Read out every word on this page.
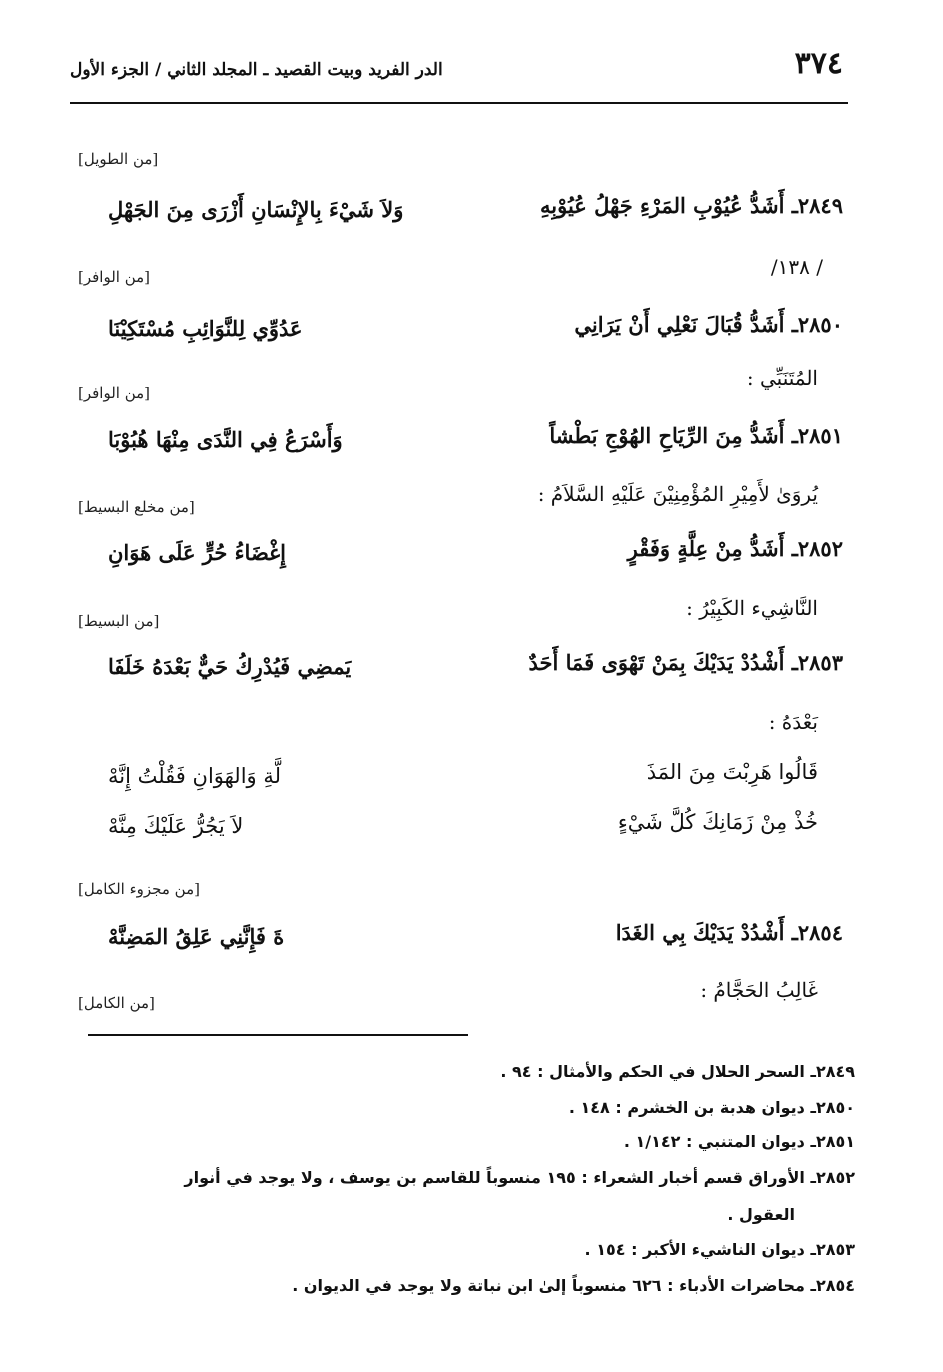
٣٧٤
الدر الفريد وبيت القصيد ـ المجلد الثاني / الجزء الأول
[من الطويل]
٢٨٤٩ـ أَشَدُّ عُيُوْبِ المَرْءِ جَهْلُ عُيُوْبِهِ
وَلاَ شَيْءَ بِالإِنْسَانِ أَزْرَى مِنَ الجَهْلِ
/ ١٣٨/
[من الوافر]
٢٨٥٠ـ أَشَدُّ قُبَالَ نَعْلِي أَنْ يَرَانِي
عَدُوِّي لِلنَّوَائِبِ مُسْتَكِيْنَا
المُتَنَبِّي :
[من الوافر]
٢٨٥١ـ أَشَدُّ مِنَ الرِّيَاحِ الهُوْجِ بَطْشاً
وَأَسْرَعُ فِي النَّدَى مِنْهَا هُبُوْبَا
يُروَىٰ لأَمِيْرِ المُؤْمِنِيْنَ عَلَيْهِ السَّلاَمُ :
[من مخلع البسيط]
٢٨٥٢ـ أَشَدُّ مِنْ عِلَّةٍ وَفَقْرٍ
إِغْضَاءُ حُرٍّ عَلَى هَوَانِ
النَّاشِيء الكَبِيْرُ :
[من البسيط]
٢٨٥٣ـ أَشْدُدْ يَدَيْكَ بِمَنْ تَهْوَى فَمَا أَحَدٌ
يَمضِي فَيُدْرِكُ حَيٌّ بَعْدَهُ خَلَفَا
بَعْدَهُ :
قَالُوا هَرِبْتَ مِنَ المَذَ
لَّةِ وَالهَوَانِ فَقُلْتُ إِنَّهْ
خُذْ مِنْ زَمَانِكَ كُلَّ شَيْءٍ
لاَ يَجُرُّ عَلَيْكَ مِنَّهْ
[من مجزوء الكامل]
٢٨٥٤ـ أَشْدُدْ يَدَيْكَ بِي الغَدَا
ةَ فَإِنَّنِي عَلِقُ المَضِنَّهْ
غَالِبُ الحَجَّامُ :
[من الكامل]
٢٨٤٩ـ السحر الحلال في الحكم والأمثال : ٩٤ .
٢٨٥٠ـ ديوان هدبة بن الخشرم : ١٤٨ .
٢٨٥١ـ ديوان المتنبي : ١/١٤٢ .
٢٨٥٢ـ الأوراق قسم أخبار الشعراء : ١٩٥ منسوباً للقاسم بن يوسف ، ولا يوجد في أنوار
العقول .
٢٨٥٣ـ ديوان الناشيء الأكبر : ١٥٤ .
٢٨٥٤ـ محاضرات الأدباء : ٦٢٦ منسوباً إلىٰ ابن نباتة ولا يوجد في الديوان .
